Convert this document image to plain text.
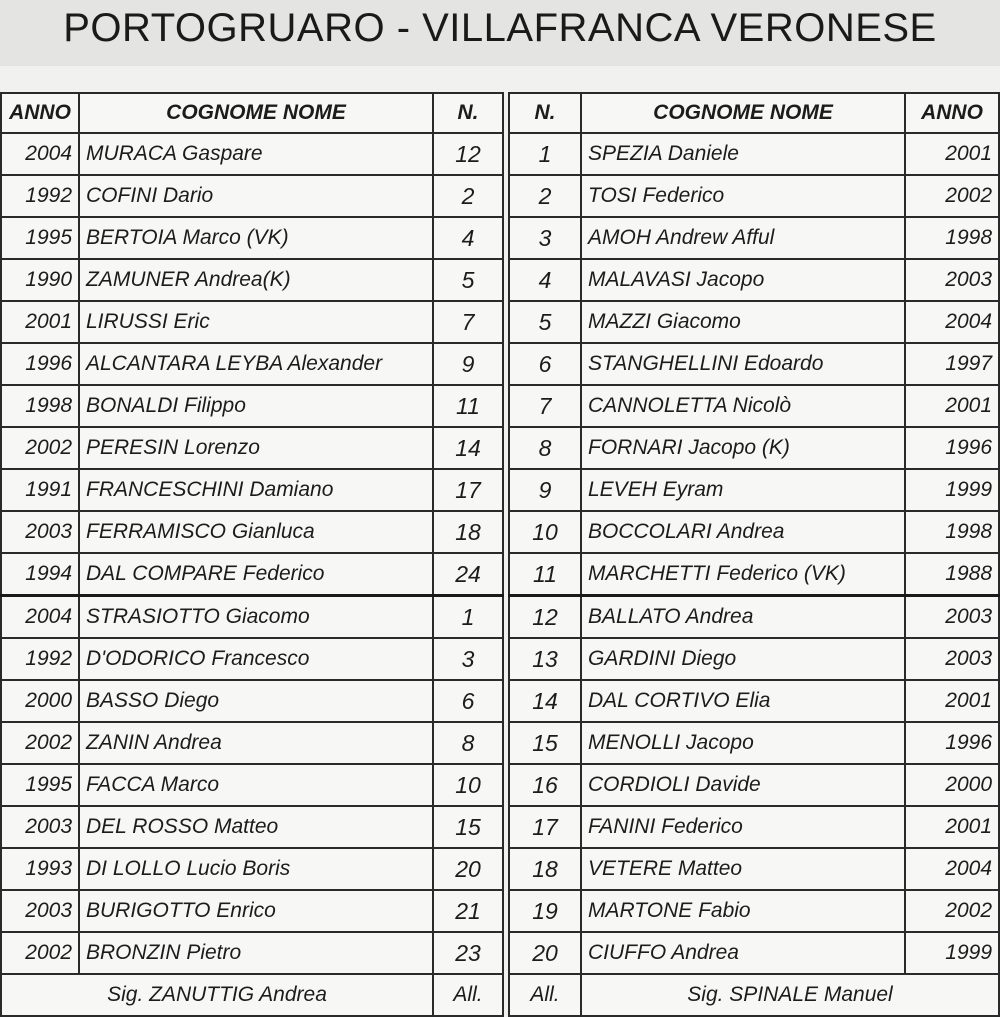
PORTOGRUARO - VILLAFRANCA VERONESE
ANNO	COGNOME NOME	N.
2004	MURACA Gaspare	12
1992	COFINI Dario	2
1995	BERTOIA Marco (VK)	4
1990	ZAMUNER Andrea(K)	5
2001	LIRUSSI Eric	7
1996	ALCANTARA LEYBA Alexander	9
1998	BONALDI Filippo	11
2002	PERESIN Lorenzo	14
1991	FRANCESCHINI Damiano	17
2003	FERRAMISCO Gianluca	18
1994	DAL COMPARE Federico	24
2004	STRASIOTTO Giacomo	1
1992	D'ODORICO Francesco	3
2000	BASSO Diego	6
2002	ZANIN Andrea	8
1995	FACCA Marco	10
2003	DEL ROSSO Matteo	15
1993	DI LOLLO Lucio Boris	20
2003	BURIGOTTO Enrico	21
2002	BRONZIN Pietro	23
Sig. ZANUTTIG Andrea		All.
N.	COGNOME NOME	ANNO
1	SPEZIA Daniele	2001
2	TOSI Federico	2002
3	AMOH Andrew Afful	1998
4	MALAVASI Jacopo	2003
5	MAZZI Giacomo	2004
6	STANGHELLINI Edoardo	1997
7	CANNOLETTA Nicolò	2001
8	FORNARI Jacopo (K)	1996
9	LEVEH Eyram	1999
10	BOCCOLARI Andrea	1998
11	MARCHETTI Federico (VK)	1988
12	BALLATO Andrea	2003
13	GARDINI Diego	2003
14	DAL CORTIVO Elia	2001
15	MENOLLI Jacopo	1996
16	CORDIOLI Davide	2000
17	FANINI Federico	2001
18	VETERE Matteo	2004
19	MARTONE Fabio	2002
20	CIUFFO Andrea	1999
All.	Sig. SPINALE Manuel	
